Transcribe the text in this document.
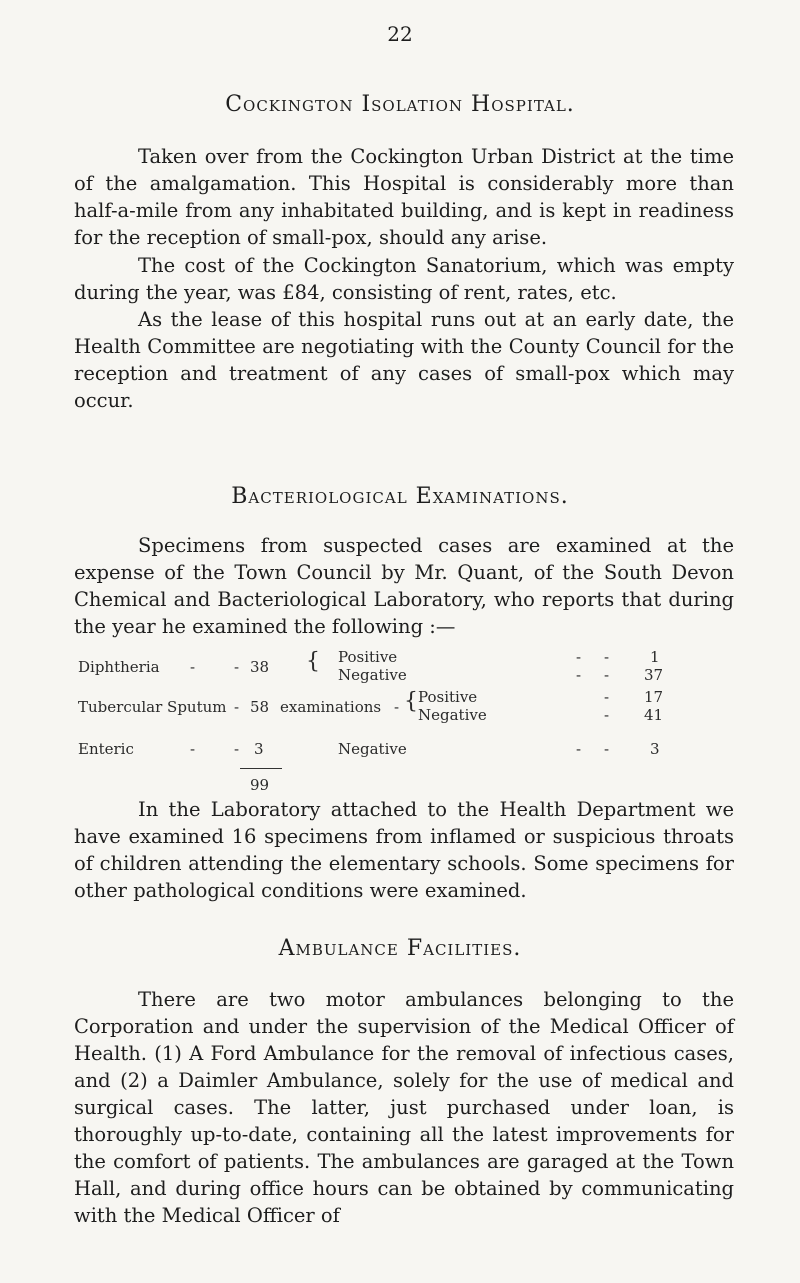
22
Cockington Isolation Hospital.

Taken over from the Cockington Urban District at the time of the amalgamation. This Hospital is considerably more than half-a-mile from any inhabitated building, and is kept in readiness for the reception of small-pox, should any arise.

The cost of the Cockington Sanatorium, which was empty during the year, was £84, consisting of rent, rates, etc.

As the lease of this hospital runs out at an early date, the Health Committee are negotiating with the County Council for the reception and treatment of any cases of small-pox which may occur.

Bacteriological Examinations.

Specimens from suspected cases are examined at the expense of the Town Council by Mr. Quant, of the South Devon Chemical and Bacteriological Laboratory, who reports that during the year he examined the following :—

Diphtheria -	- 38 { Positive	- -	1
Negative	- - 37
Tubercular Sputum - 58 examinations - { Positive	- 17
Negative	- 41
Enteric	-	- 3	Negative	- -	3
99

In the Laboratory attached to the Health Department we have examined 16 specimens from inflamed or suspicious throats of children attending the elementary schools. Some specimens for other pathological conditions were examined.

Ambulance Facilities.

There are two motor ambulances belonging to the Corporation and under the supervision of the Medical Officer of Health. (1) A Ford Ambulance for the removal of infectious cases, and (2) a Daimler Ambulance, solely for the use of medical and surgical cases. The latter, just purchased under loan, is thoroughly up-to-date, containing all the latest improvements for the comfort of patients. The ambulances are garaged at the Town Hall, and during office hours can be obtained by communicating with the Medical Officer of
